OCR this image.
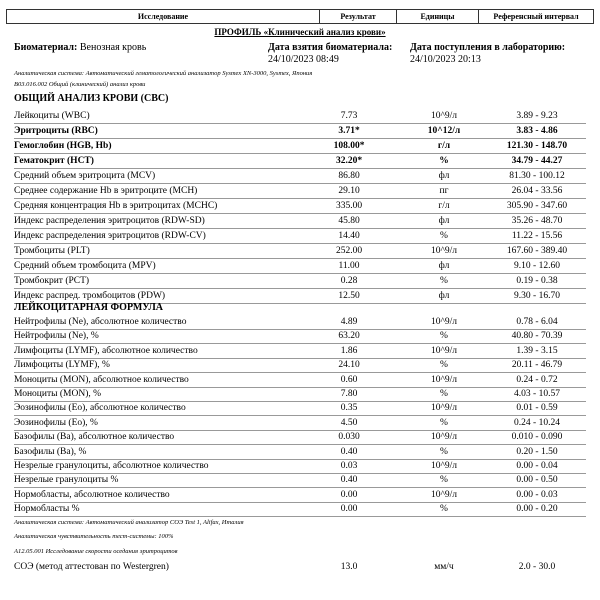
Исследование	Результат	Единицы	Референсный интервал
ПРОФИЛЬ «Клинический анализ крови»
Биоматериал: Венозная кровь	Дата взятия биоматериала:
24/10/2023 08:49
Дата поступления в лабораторию:
24/10/2023 20:13
Аналитическая система: Автоматический гематологический анализатор Sysmex XN-3000, Sysmex, Япония
B03.016.002 Общий (клинический) анализ крови
ОБЩИЙ АНАЛИЗ КРОВИ (CBC)
Лейкоциты (WBC)	7.73	10^9/л	3.89 - 9.23
Эритроциты (RBC)	3.71*	10^12/л	3.83 - 4.86
Гемоглобин (HGB, Hb)	108.00*	г/л	121.30 - 148.70
Гематокрит (HCT)	32.20*	%	34.79 - 44.27
Средний объем эритроцита (MCV)	86.80	фл	81.30 - 100.12
Среднее содержание Hb в эритроците (MCH)	29.10	пг	26.04 - 33.56
Средняя концентрация Hb в эритроцитах (MCHC)	335.00	г/л	305.90 - 347.60
Индекс распределения эритроцитов (RDW-SD)	45.80	фл	35.26 - 48.70
Индекс распределения эритроцитов (RDW-CV)	14.40	%	11.22 - 15.56
Тромбоциты (PLT)	252.00	10^9/л	167.60 - 389.40
Средний объем тромбоцита (MPV)	11.00	фл	9.10 - 12.60
Тромбокрит (PCT)	0.28	%	0.19 - 0.38
Индекс распред. тромбоцитов (PDW)	12.50	фл	9.30 - 16.70
ЛЕЙКОЦИТАРНАЯ ФОРМУЛА
Нейтрофилы (Ne), абсолютное количество	4.89	10^9/л	0.78 - 6.04
Нейтрофилы (Ne), %	63.20	%	40.80 - 70.39
Лимфоциты (LYMF), абсолютное количество	1.86	10^9/л	1.39 - 3.15
Лимфоциты (LYMF), %	24.10	%	20.11 - 46.79
Моноциты (MON), абсолютное количество	0.60	10^9/л	0.24 - 0.72
Моноциты (MON), %	7.80	%	4.03 - 10.57
Эозинофилы (Eo), абсолютное количество	0.35	10^9/л	0.01 - 0.59
Эозинофилы (Eo), %	4.50	%	0.24 - 10.24
Базофилы (Ba), абсолютное количество	0.030	10^9/л	0.010 - 0.090
Базофилы (Ba), %	0.40	%	0.20 - 1.50
Незрелые гранулоциты, абсолютное количество	0.03	10^9/л	0.00 - 0.04
Незрелые гранулоциты %	0.40	%	0.00 - 0.50
Нормобласты, абсолютное количество	0.00	10^9/л	0.00 - 0.03
Нормобласты %	0.00	%	0.00 - 0.20
Аналитическая система: Автоматический анализатор СОЭ Test 1, Alifax, Италия
Аналитическая чувствительность тест-системы: 100%
A12.05.001 Исследование скорости оседания эритроцитов
СОЭ (метод аттестован по Westergren)	13.0	мм/ч	2.0 - 30.0
